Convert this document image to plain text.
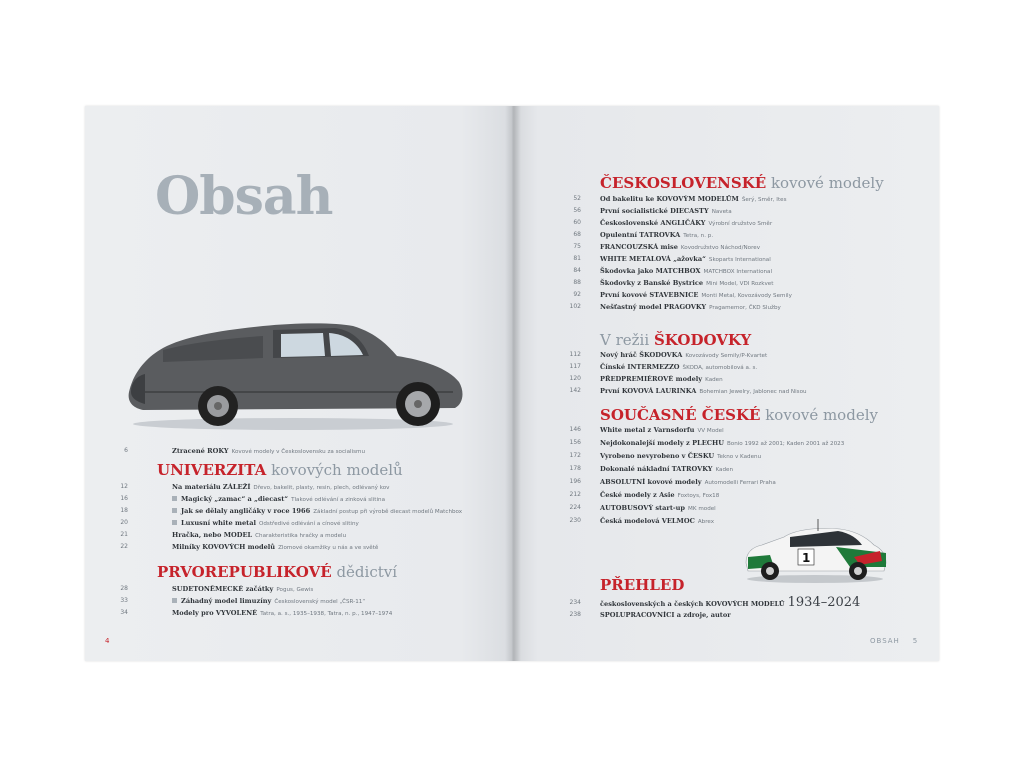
Obsah
6	Ztracené ROKY Kovové modely v Československu za socialismu
UNIVERZITA kovových modelů
12	Na materiálu ZÁLEŽÍ Dřevo, bakelit, plasty, resin, plech, odlévaný kov
16	Magický „zamac“ a „diecast“ Tlakové odlévání a zinková slitina
18	Jak se dělaly angličáky v roce 1966 Základní postup při výrobě diecast modelů Matchbox
20	Luxusní white metal Odstředivé odlévání a cínové slitiny
21	Hračka, nebo MODEL Charakteristika hračky a modelu
22	Milníky KOVOVÝCH modelů Zlomové okamžiky u nás a ve světě
PRVOREPUBLIKOVÉ dědictví
28	SUDETONĚMECKÉ začátky Pogus, Gewis
33	Záhadný model limuzíny Československý model „ČSR-11“
34	Modely pro VYVOLENÉ Tatra, a. s., 1935–1938, Tatra, n. p., 1947–1974
4
ČESKOSLOVENSKÉ kovové modely
52	Od bakelitu ke KOVOVÝM MODELŮM Šerý, Směr, Ites
56	První socialistické DIECASTY Naveta
60	Československé ANGLIČÁKY Výrobní družstvo Směr
68	Opulentní TATROVKA Tetra, n. p.
75	FRANCOUZSKÁ mise Kovodružstvo Náchod/Norev
81	WHITE METALOVÁ „ažovka“ Skoparts International
84	Škodovka jako MATCHBOX MATCHBOX International
88	Škodovky z Banské Bystrice Mini Model, VDI Rozkvet
92	První kovové STAVEBNICE Monti Metal, Kovozávody Semily
102	Nešťastný model PRAGOVKY Pragamemor, ČKD Služby
V režii ŠKODOVKY
112	Nový hráč ŠKODOVKA Kovozávody Semily/P-Kvartet
117	Čínské INTERMEZZO ŠKODA, automobilová a. s.
120	PŘEDPREMIÉROVÉ modely Kaden
142	První KOVOVÁ LAURINKA Bohemian Jewelry, Jablonec nad Nisou
SOUČASNÉ ČESKÉ kovové modely
146	White metal z Varnsdorfu VV Model
156	Nejdokonalejší modely z PLECHU Bonio 1992 až 2001; Kaden 2001 až 2023
172	Vyrobeno nevyrobeno v ČESKU Tekno v Kadenu
178	Dokonalé nákladní TATROVKY Kaden
196	ABSOLUTNÍ kovové modely Automodelli Ferrari Praha
212	České modely z Asie Foxtoys, Fox18
224	AUTOBUSOVÝ start-up MK model
230	Česká modelová VELMOC Abrex
1
PŘEHLED
234	československých a českých KOVOVÝCH MODELŮ 1934–2024
238	SPOLUPRACOVNÍCI a zdroje, autor
OBSAH 5
